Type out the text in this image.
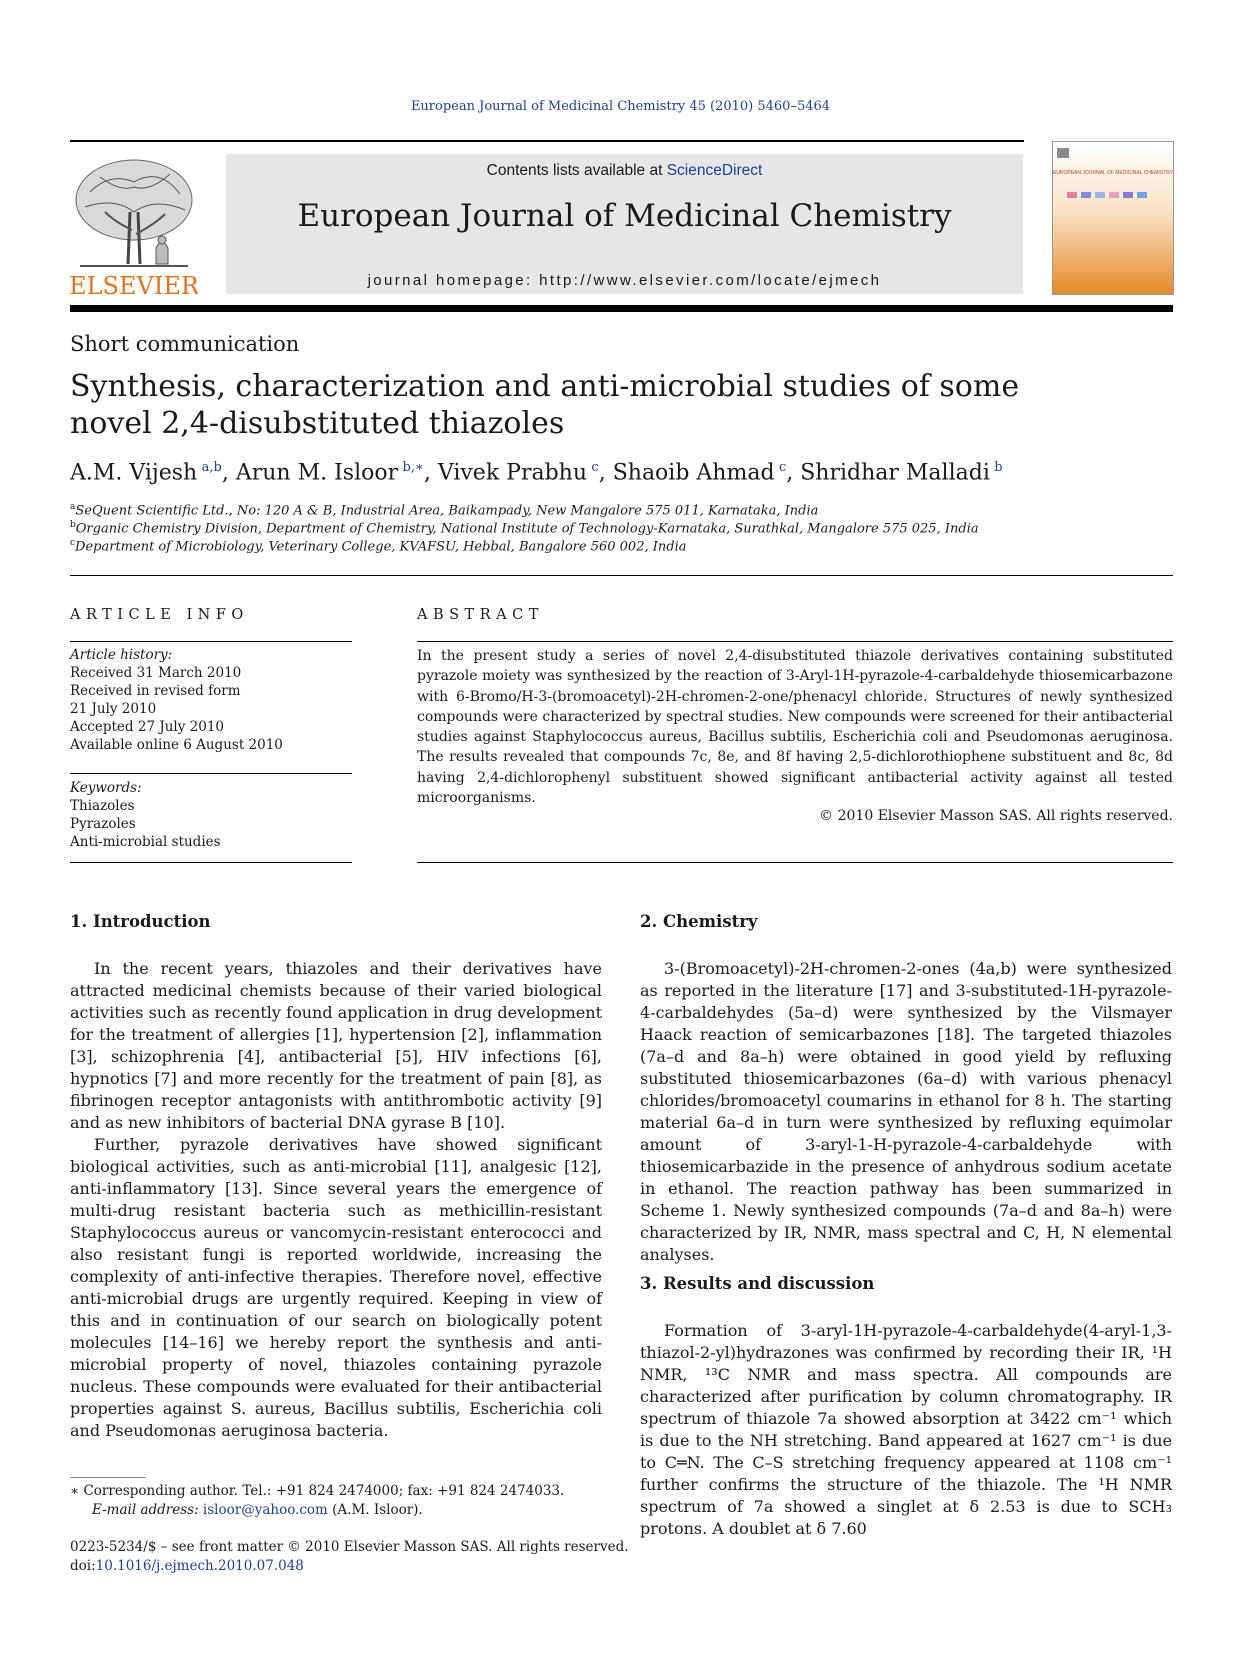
European Journal of Medicinal Chemistry 45 (2010) 5460–5464
ELSEVIER
Contents lists available at ScienceDirect
European Journal of Medicinal Chemistry
journal homepage: http://www.elsevier.com/locate/ejmech
EUROPEAN JOURNAL OF MEDICINAL CHEMISTRY
Short communication
Synthesis, characterization and anti-microbial studies of some novel 2,4-disubstituted thiazoles
A.M. Vijesh  $^{a,b}$, Arun M. Isloor  $^{b,∗}$, Vivek Prabhu  $^c$, Shaoib Ahmad  $^c$, Shridhar Malladi  $^b$
$^a$SeQuent Scientific Ltd., No: 120 A & B, Industrial Area, Baikampady, New Mangalore 575 011, Karnataka, India
$^b$Organic Chemistry Division, Department of Chemistry, National Institute of Technology-Karnataka, Surathkal, Mangalore 575 025, India
$^c$Department of Microbiology, Veterinary College, KVAFSU, Hebbal, Bangalore 560 002, India
ARTICLE INFO	ABSTRACT
Article history:
Received 31 March 2010
Received in revised form
21 July 2010
Accepted 27 July 2010
Available online 6 August 2010
Keywords:
Thiazoles
Pyrazoles
Anti-microbial studies
In the present study a series of novel 2,4-disubstituted thiazole derivatives containing substituted pyrazole moiety was synthesized by the reaction of 3-Aryl-1H-pyrazole-4-carbaldehyde thiosemicarbazone with 6-Bromo/H-3-(bromoacetyl)-2H-chromen-2-one/phenacyl chloride. Structures of newly synthesized compounds were characterized by spectral studies. New compounds were screened for their antibacterial studies against Staphylococcus aureus, Bacillus subtilis, Escherichia coli and Pseudomonas aeruginosa. The results revealed that compounds 7c, 8e, and 8f having 2,5-dichlorothiophene substituent and 8c, 8d having 2,4-dichlorophenyl substituent showed significant antibacterial activity against all tested microorganisms.
© 2010 Elsevier Masson SAS. All rights reserved.
1. Introduction

In the recent years, thiazoles and their derivatives have attracted medicinal chemists because of their varied biological activities such as recently found application in drug development for the treatment of allergies [1], hypertension [2], inflammation [3], schizophrenia [4], antibacterial [5], HIV infections [6], hypnotics [7] and more recently for the treatment of pain [8], as fibrinogen receptor antagonists with antithrombotic activity [9] and as new inhibitors of bacterial DNA gyrase B [10].

Further, pyrazole derivatives have showed significant biological activities, such as anti-microbial [11], analgesic [12], anti-inflammatory [13]. Since several years the emergence of multi-drug resistant bacteria such as methicillin-resistant Staphylococcus aureus or vancomycin-resistant enterococci and also resistant fungi is reported worldwide, increasing the complexity of anti-infective therapies. Therefore novel, effective anti-microbial drugs are urgently required. Keeping in view of this and in continuation of our search on biologically potent molecules [14–16] we hereby report the synthesis and anti-microbial property of novel, thiazoles containing pyrazole nucleus. These compounds were evaluated for their antibacterial properties against S. aureus, Bacillus subtilis, Escherichia coli and Pseudomonas aeruginosa bacteria.

2. Chemistry

3-(Bromoacetyl)-2H-chromen-2-ones (4a,b) were synthesized as reported in the literature [17] and 3-substituted-1H-pyrazole-4-carbaldehydes (5a–d) were synthesized by the Vilsmayer Haack reaction of semicarbazones [18]. The targeted thiazoles (7a–d and 8a–h) were obtained in good yield by refluxing substituted thiosemicarbazones (6a–d) with various phenacyl chlorides/bromoacetyl coumarins in ethanol for 8 h. The starting material 6a–d in turn were synthesized by refluxing equimolar amount of 3-aryl-1-H-pyrazole-4-carbaldehyde with thiosemicarbazide in the presence of anhydrous sodium acetate in ethanol. The reaction pathway has been summarized in Scheme 1. Newly synthesized compounds (7a–d and 8a–h) were characterized by IR, NMR, mass spectral and C, H, N elemental analyses.

3. Results and discussion

Formation of 3-aryl-1H-pyrazole-4-carbaldehyde(4-aryl-1,3-thiazol-2-yl)hydrazones was confirmed by recording their IR, ¹H NMR, ¹³C NMR and mass spectra. All compounds are characterized after purification by column chromatography. IR spectrum of thiazole 7a showed absorption at 3422 cm⁻¹ which is due to the NH stretching. Band appeared at 1627 cm⁻¹ is due to C═N. The C–S stretching frequency appeared at 1108 cm⁻¹ further confirms the structure of the thiazole. The ¹H NMR spectrum of 7a showed a singlet at δ 2.53 is due to SCH₃ protons. A doublet at δ 7.60

∗ Corresponding author. Tel.: +91 824 2474000; fax: +91 824 2474033.
E-mail address: isloor@yahoo.com (A.M. Isloor).
0223-5234/$ – see front matter © 2010 Elsevier Masson SAS. All rights reserved.
doi:10.1016/j.ejmech.2010.07.048
